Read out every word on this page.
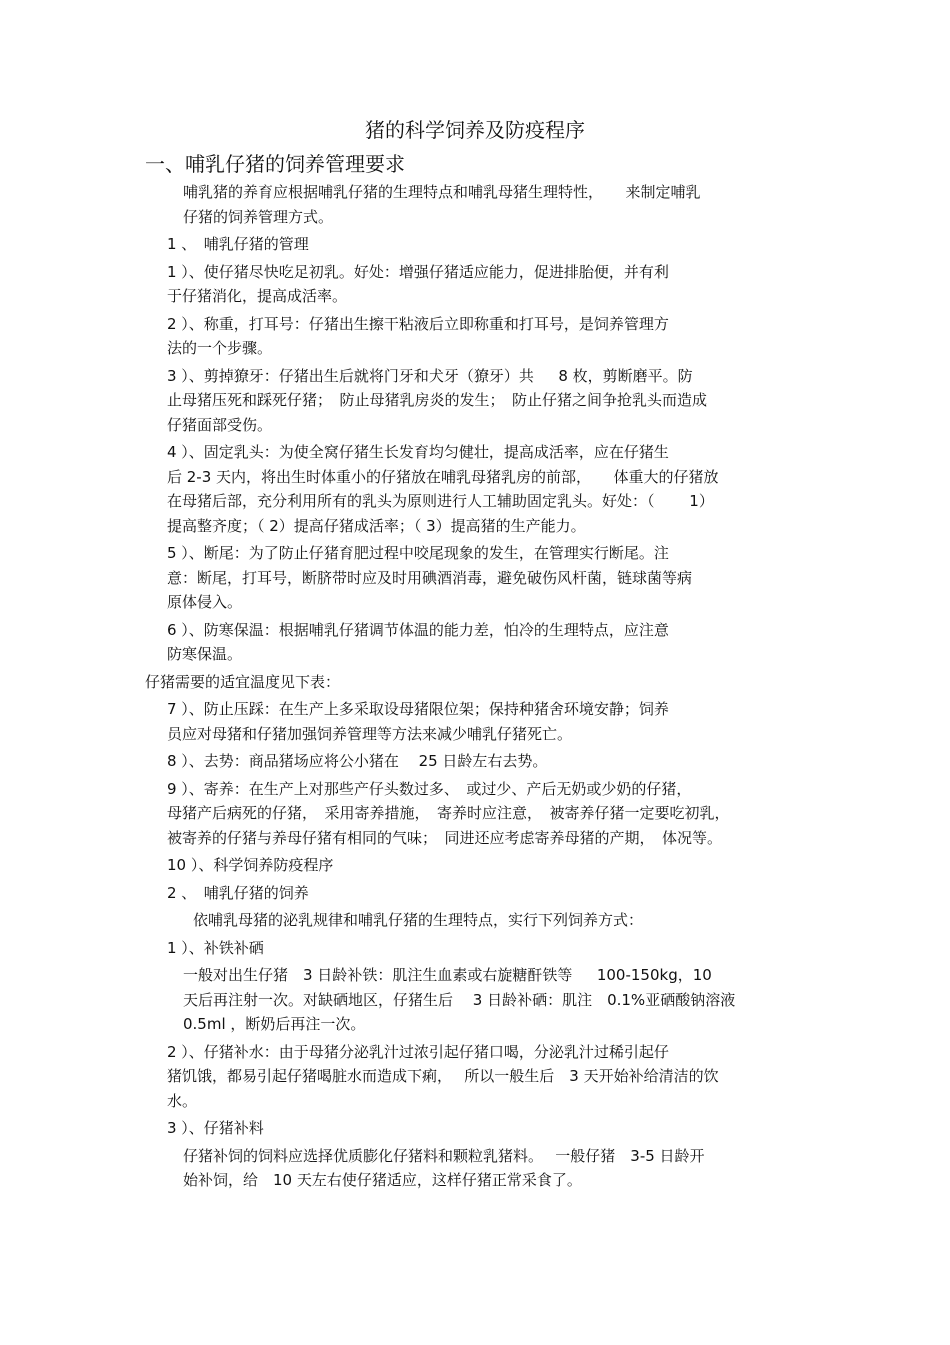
猪的科学饲养及防疫程序
一、哺乳仔猪的饲养管理要求

哺乳猪的养育应根据哺乳仔猪的生理特点和哺乳母猪生理特性，　　来制定哺乳
仔猪的饲养管理方式。

1 、　哺乳仔猪的管理

1 ）、使仔猪尽快吃足初乳。好处：增强仔猪适应能力，促进排胎便，并有利
于仔猪消化，提高成活率。

2 ）、称重，打耳号：仔猪出生擦干粘液后立即称重和打耳号，是饲养管理方
法的一个步骤。

3 ）、剪掉獠牙：仔猪出生后就将门牙和犬牙（獠牙）共　  8 枚，剪断磨平。防
止母猪压死和踩死仔猪；　防止母猪乳房炎的发生；　防止仔猪之间争抢乳头而造成
仔猪面部受伤。

4 ）、固定乳头：为使全窝仔猪生长发育均匀健壮，提高成活率，应在仔猪生
后 2-3 天内，将出生时体重小的仔猪放在哺乳母猪乳房的前部，　　体重大的仔猪放
在母猪后部，充分利用所有的乳头为原则进行人工辅助固定乳头。好处：（　　 1）
提高整齐度；（ 2）提高仔猪成活率；（ 3）提高猪的生产能力。

5 ）、断尾：为了防止仔猪育肥过程中咬尾现象的发生，在管理实行断尾。注
意：断尾，打耳号，断脐带时应及时用碘酒消毒，避免破伤风杆菌，链球菌等病
原体侵入。

6 ）、防寒保温：根据哺乳仔猪调节体温的能力差，怕冷的生理特点，应注意
防寒保温。

仔猪需要的适宜温度见下表：

7 ）、防止压踩：在生产上多采取设母猪限位架；保持种猪舍环境安静；饲养
员应对母猪和仔猪加强饲养管理等方法来减少哺乳仔猪死亡。

8 ）、去势：商品猪场应将公小猪在　 25 日龄左右去势。

9 ）、寄养：在生产上对那些产仔头数过多、　或过少、产后无奶或少奶的仔猪，
母猪产后病死的仔猪，　采用寄养措施，　寄养时应注意，　被寄养仔猪一定要吃初乳，
被寄养的仔猪与养母仔猪有相同的气味；　同进还应考虑寄养母猪的产期，　体况等。

10 ）、科学饲养防疫程序

2 、　哺乳仔猪的饲养

依哺乳母猪的泌乳规律和哺乳仔猪的生理特点，实行下列饲养方式：

1 ）、补铁补硒

一般对出生仔猪　3 日龄补铁：肌注生血素或右旋糖酐铁等　  100-150kg，10
天后再注射一次。对缺硒地区，仔猪生后　 3 日龄补硒：肌注　0.1%亚硒酸钠溶液
0.5ml ，断奶后再注一次。

2 ）、仔猪补水：由于母猪分泌乳汁过浓引起仔猪口喝，分泌乳汁过稀引起仔
猪饥饿，都易引起仔猪喝脏水而造成下痢，　 所以一般生后　3 天开始补给清洁的饮
水。

3 ）、仔猪补料

仔猪补饲的饲料应选择优质膨化仔猪料和颗粒乳猪料。　 一般仔猪　3-5 日龄开
始补饲，给　10 天左右使仔猪适应，这样仔猪正常采食了。
